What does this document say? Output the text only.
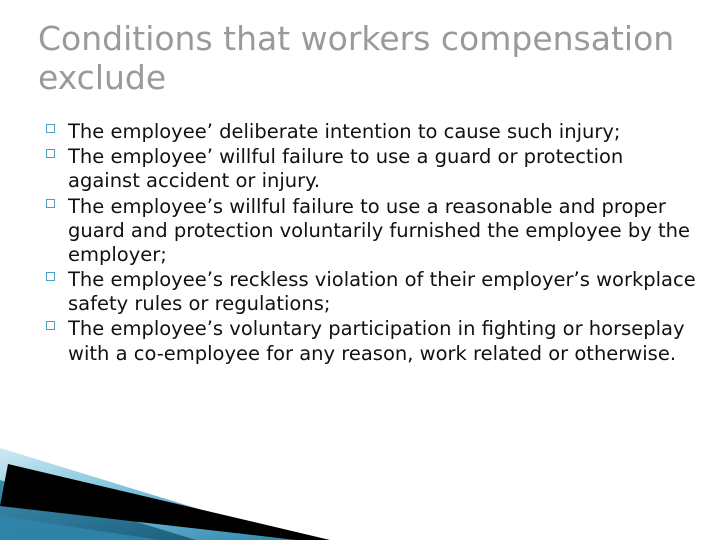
Conditions that workers compensation exclude
The employee’ deliberate intention to cause such injury;
The employee’ willful failure to use a guard or protection against accident or injury.
The employee’s willful failure to use a reasonable and proper guard and protection voluntarily furnished the employee by the employer;
The employee’s reckless violation of their employer’s workplace safety rules or regulations;
The employee’s voluntary participation in fighting or horseplay with a co-employee for any reason, work related or otherwise.
